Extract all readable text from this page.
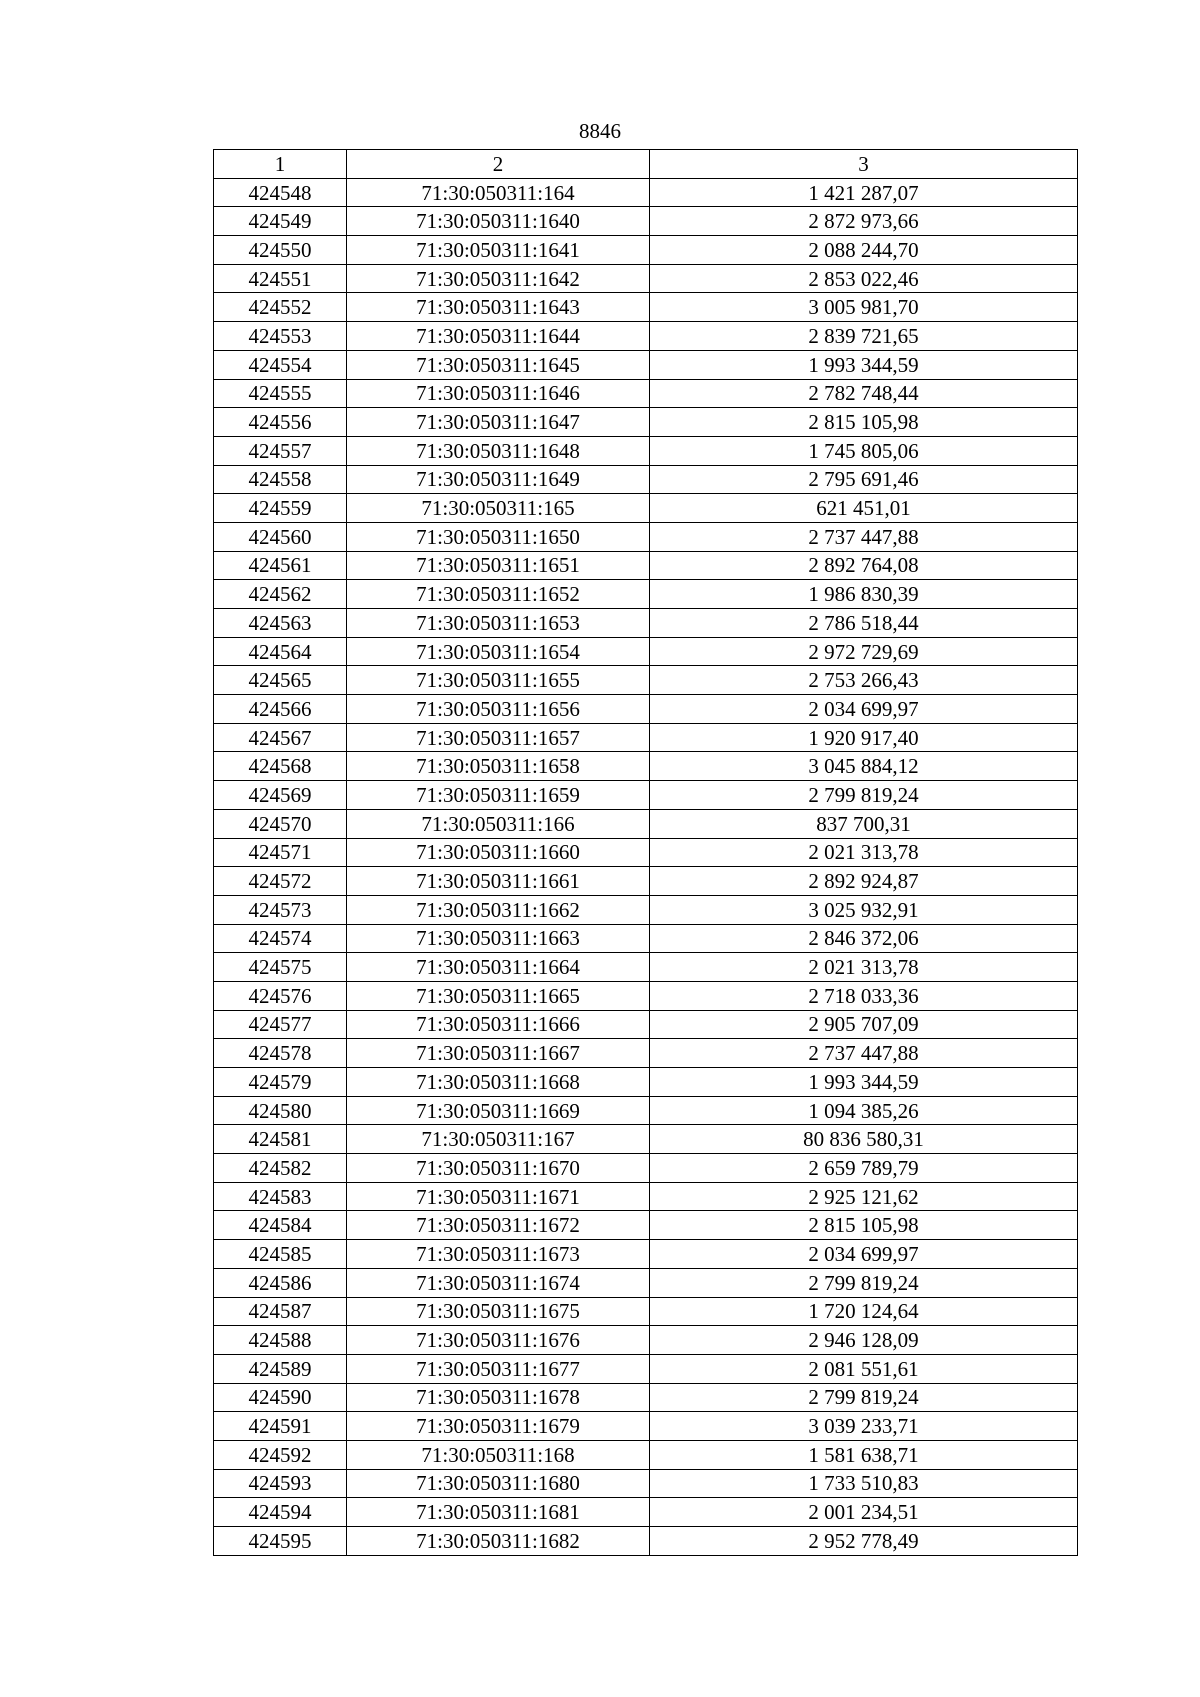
8846
1	2	3
424548	71:30:050311:164	1 421 287,07
424549	71:30:050311:1640	2 872 973,66
424550	71:30:050311:1641	2 088 244,70
424551	71:30:050311:1642	2 853 022,46
424552	71:30:050311:1643	3 005 981,70
424553	71:30:050311:1644	2 839 721,65
424554	71:30:050311:1645	1 993 344,59
424555	71:30:050311:1646	2 782 748,44
424556	71:30:050311:1647	2 815 105,98
424557	71:30:050311:1648	1 745 805,06
424558	71:30:050311:1649	2 795 691,46
424559	71:30:050311:165	621 451,01
424560	71:30:050311:1650	2 737 447,88
424561	71:30:050311:1651	2 892 764,08
424562	71:30:050311:1652	1 986 830,39
424563	71:30:050311:1653	2 786 518,44
424564	71:30:050311:1654	2 972 729,69
424565	71:30:050311:1655	2 753 266,43
424566	71:30:050311:1656	2 034 699,97
424567	71:30:050311:1657	1 920 917,40
424568	71:30:050311:1658	3 045 884,12
424569	71:30:050311:1659	2 799 819,24
424570	71:30:050311:166	837 700,31
424571	71:30:050311:1660	2 021 313,78
424572	71:30:050311:1661	2 892 924,87
424573	71:30:050311:1662	3 025 932,91
424574	71:30:050311:1663	2 846 372,06
424575	71:30:050311:1664	2 021 313,78
424576	71:30:050311:1665	2 718 033,36
424577	71:30:050311:1666	2 905 707,09
424578	71:30:050311:1667	2 737 447,88
424579	71:30:050311:1668	1 993 344,59
424580	71:30:050311:1669	1 094 385,26
424581	71:30:050311:167	80 836 580,31
424582	71:30:050311:1670	2 659 789,79
424583	71:30:050311:1671	2 925 121,62
424584	71:30:050311:1672	2 815 105,98
424585	71:30:050311:1673	2 034 699,97
424586	71:30:050311:1674	2 799 819,24
424587	71:30:050311:1675	1 720 124,64
424588	71:30:050311:1676	2 946 128,09
424589	71:30:050311:1677	2 081 551,61
424590	71:30:050311:1678	2 799 819,24
424591	71:30:050311:1679	3 039 233,71
424592	71:30:050311:168	1 581 638,71
424593	71:30:050311:1680	1 733 510,83
424594	71:30:050311:1681	2 001 234,51
424595	71:30:050311:1682	2 952 778,49
